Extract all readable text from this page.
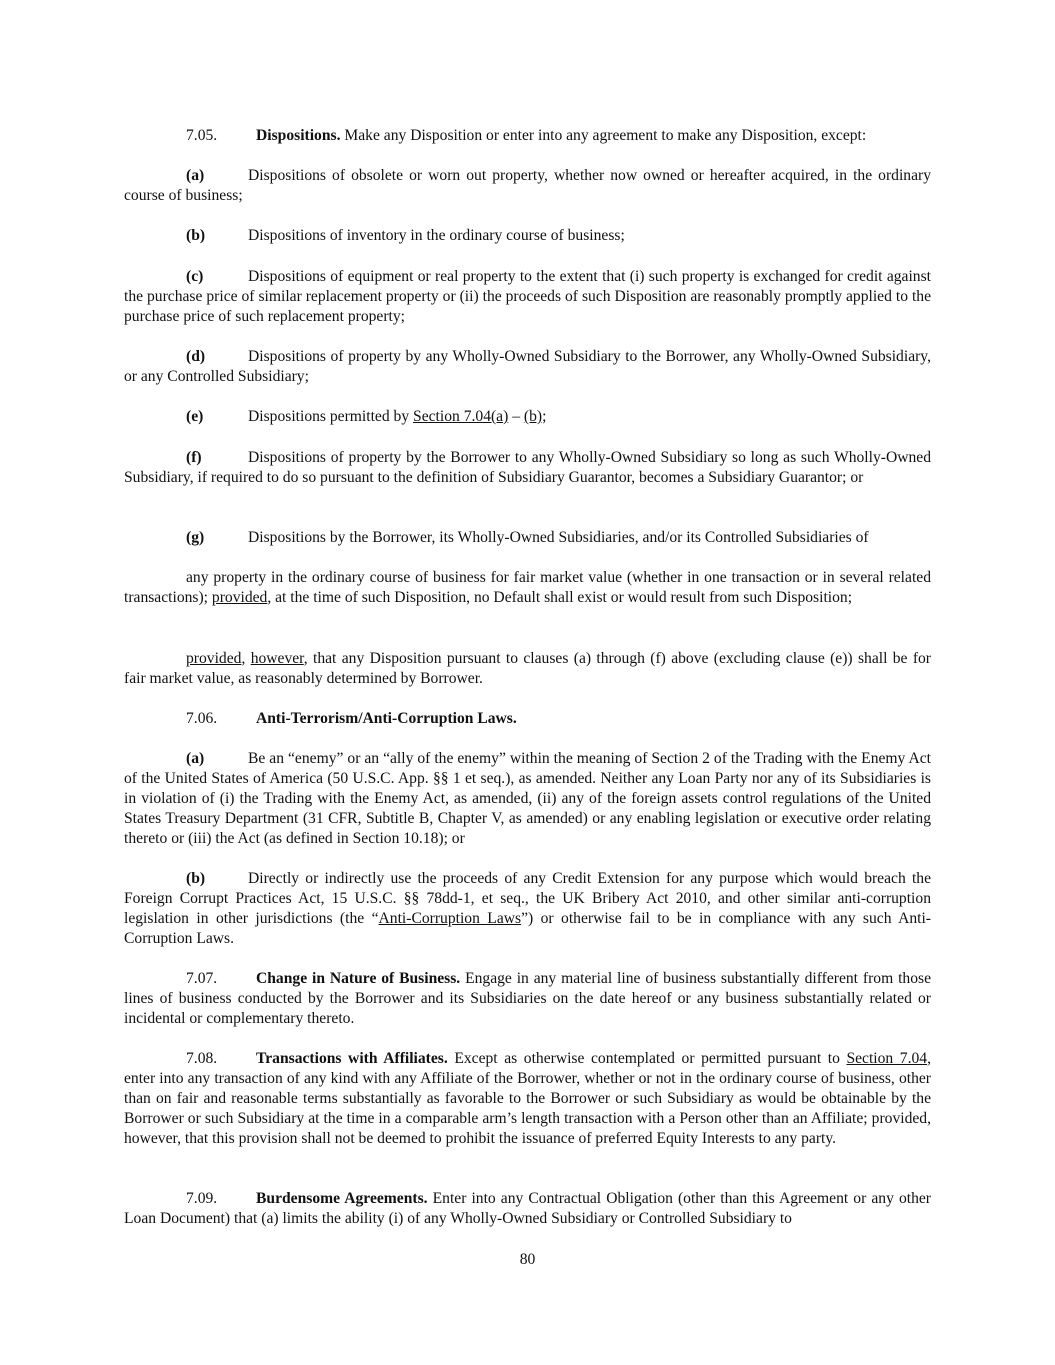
7.05. Dispositions. Make any Disposition or enter into any agreement to make any Disposition, except:

(a)	Dispositions of obsolete or worn out property, whether now owned or hereafter acquired, in the ordinary course of business;

(b)	Dispositions of inventory in the ordinary course of business;

(c)	Dispositions of equipment or real property to the extent that (i) such property is exchanged for credit against the purchase price of similar replacement property or (ii) the proceeds of such Disposition are reasonably promptly applied to the purchase price of such replacement property;

(d)	Dispositions of property by any Wholly-Owned Subsidiary to the Borrower, any Wholly-Owned Subsidiary, or any Controlled Subsidiary;

(e)	Dispositions permitted by Section 7.04(a) – (b);

(f)	Dispositions of property by the Borrower to any Wholly-Owned Subsidiary so long as such Wholly-Owned Subsidiary, if required to do so pursuant to the definition of Subsidiary Guarantor, becomes a Subsidiary Guarantor; or

(g)	Dispositions by the Borrower, its Wholly-Owned Subsidiaries, and/or its Controlled Subsidiaries of

any property in the ordinary course of business for fair market value (whether in one transaction or in several related transactions); provided, at the time of such Disposition, no Default shall exist or would result from such Disposition;

provided, however, that any Disposition pursuant to clauses (a) through (f) above (excluding clause (e)) shall be for fair market value, as reasonably determined by Borrower.

7.06. Anti-Terrorism/Anti-Corruption Laws.

(a)	Be an “enemy” or an “ally of the enemy” within the meaning of Section 2 of the Trading with the Enemy Act of the United States of America (50 U.S.C. App. §§ 1 et seq.), as amended. Neither any Loan Party nor any of its Subsidiaries is in violation of (i) the Trading with the Enemy Act, as amended, (ii) any of the foreign assets control regulations of the United States Treasury Department (31 CFR, Subtitle B, Chapter V, as amended) or any enabling legislation or executive order relating thereto or (iii) the Act (as defined in Section 10.18); or

(b)	Directly or indirectly use the proceeds of any Credit Extension for any purpose which would breach the Foreign Corrupt Practices Act, 15 U.S.C. §§ 78dd-1, et seq., the UK Bribery Act 2010, and other similar anti-corruption legislation in other jurisdictions (the “Anti-Corruption Laws”) or otherwise fail to be in compliance with any such Anti-Corruption Laws.

7.07. Change in Nature of Business. Engage in any material line of business substantially different from those lines of business conducted by the Borrower and its Subsidiaries on the date hereof or any business substantially related or incidental or complementary thereto.

7.08. Transactions with Affiliates. Except as otherwise contemplated or permitted pursuant to Section 7.04, enter into any transaction of any kind with any Affiliate of the Borrower, whether or not in the ordinary course of business, other than on fair and reasonable terms substantially as favorable to the Borrower or such Subsidiary as would be obtainable by the Borrower or such Subsidiary at the time in a comparable arm’s length transaction with a Person other than an Affiliate; provided, however, that this provision shall not be deemed to prohibit the issuance of preferred Equity Interests to any party.

7.09. Burdensome Agreements. Enter into any Contractual Obligation (other than this Agreement or any other Loan Document) that (a) limits the ability (i) of any Wholly-Owned Subsidiary or Controlled Subsidiary to

80
